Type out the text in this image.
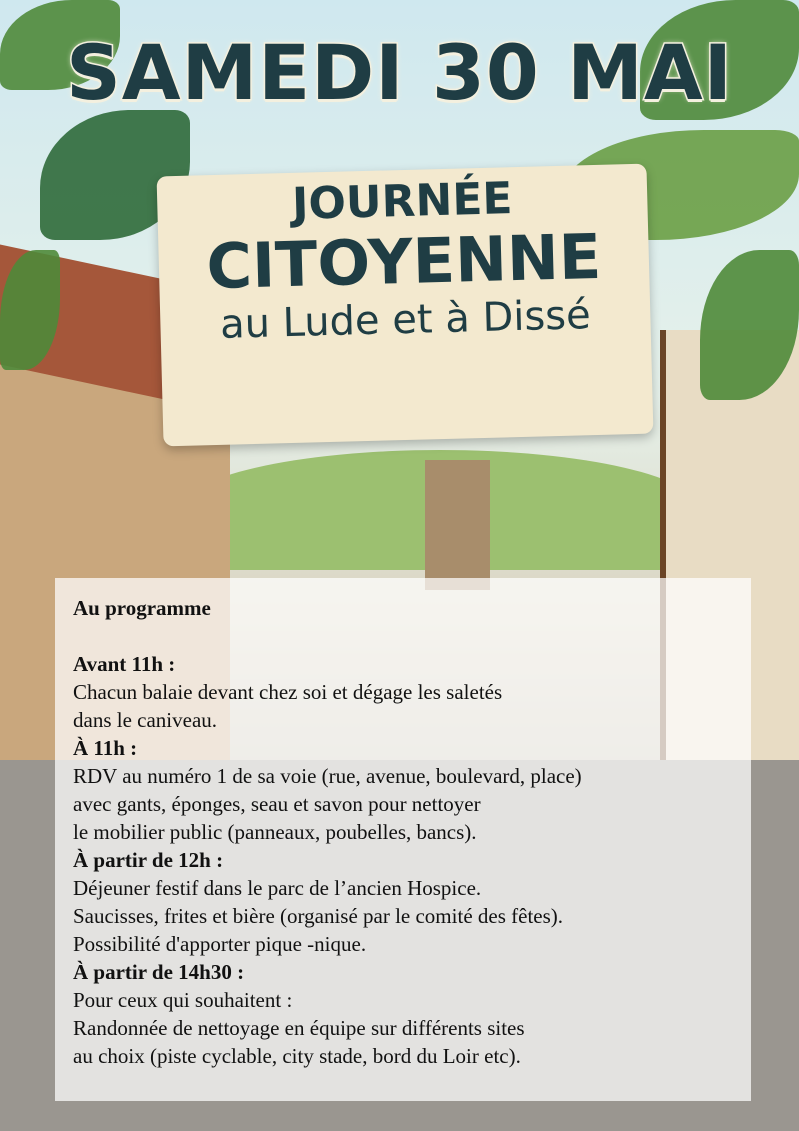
SAMEDI 30 MAI
JOURNÉE
CITOYENNE
au Lude et à Dissé
Au programme
Avant 11h :
Chacun balaie devant chez soi et dégage les saletés
dans le caniveau.
À 11h :
RDV au numéro 1 de sa voie (rue, avenue, boulevard, place)
avec gants, éponges, seau et savon pour nettoyer
le mobilier public (panneaux, poubelles, bancs).
À partir de 12h :
Déjeuner festif dans le parc de l’ancien Hospice.
Saucisses, frites et bière (organisé par le comité des fêtes).
Possibilité d'apporter pique -nique.
À partir de 14h30 :
Pour ceux qui souhaitent :
Randonnée de nettoyage en équipe sur différents sites
au choix (piste cyclable, city stade, bord du Loir etc).
